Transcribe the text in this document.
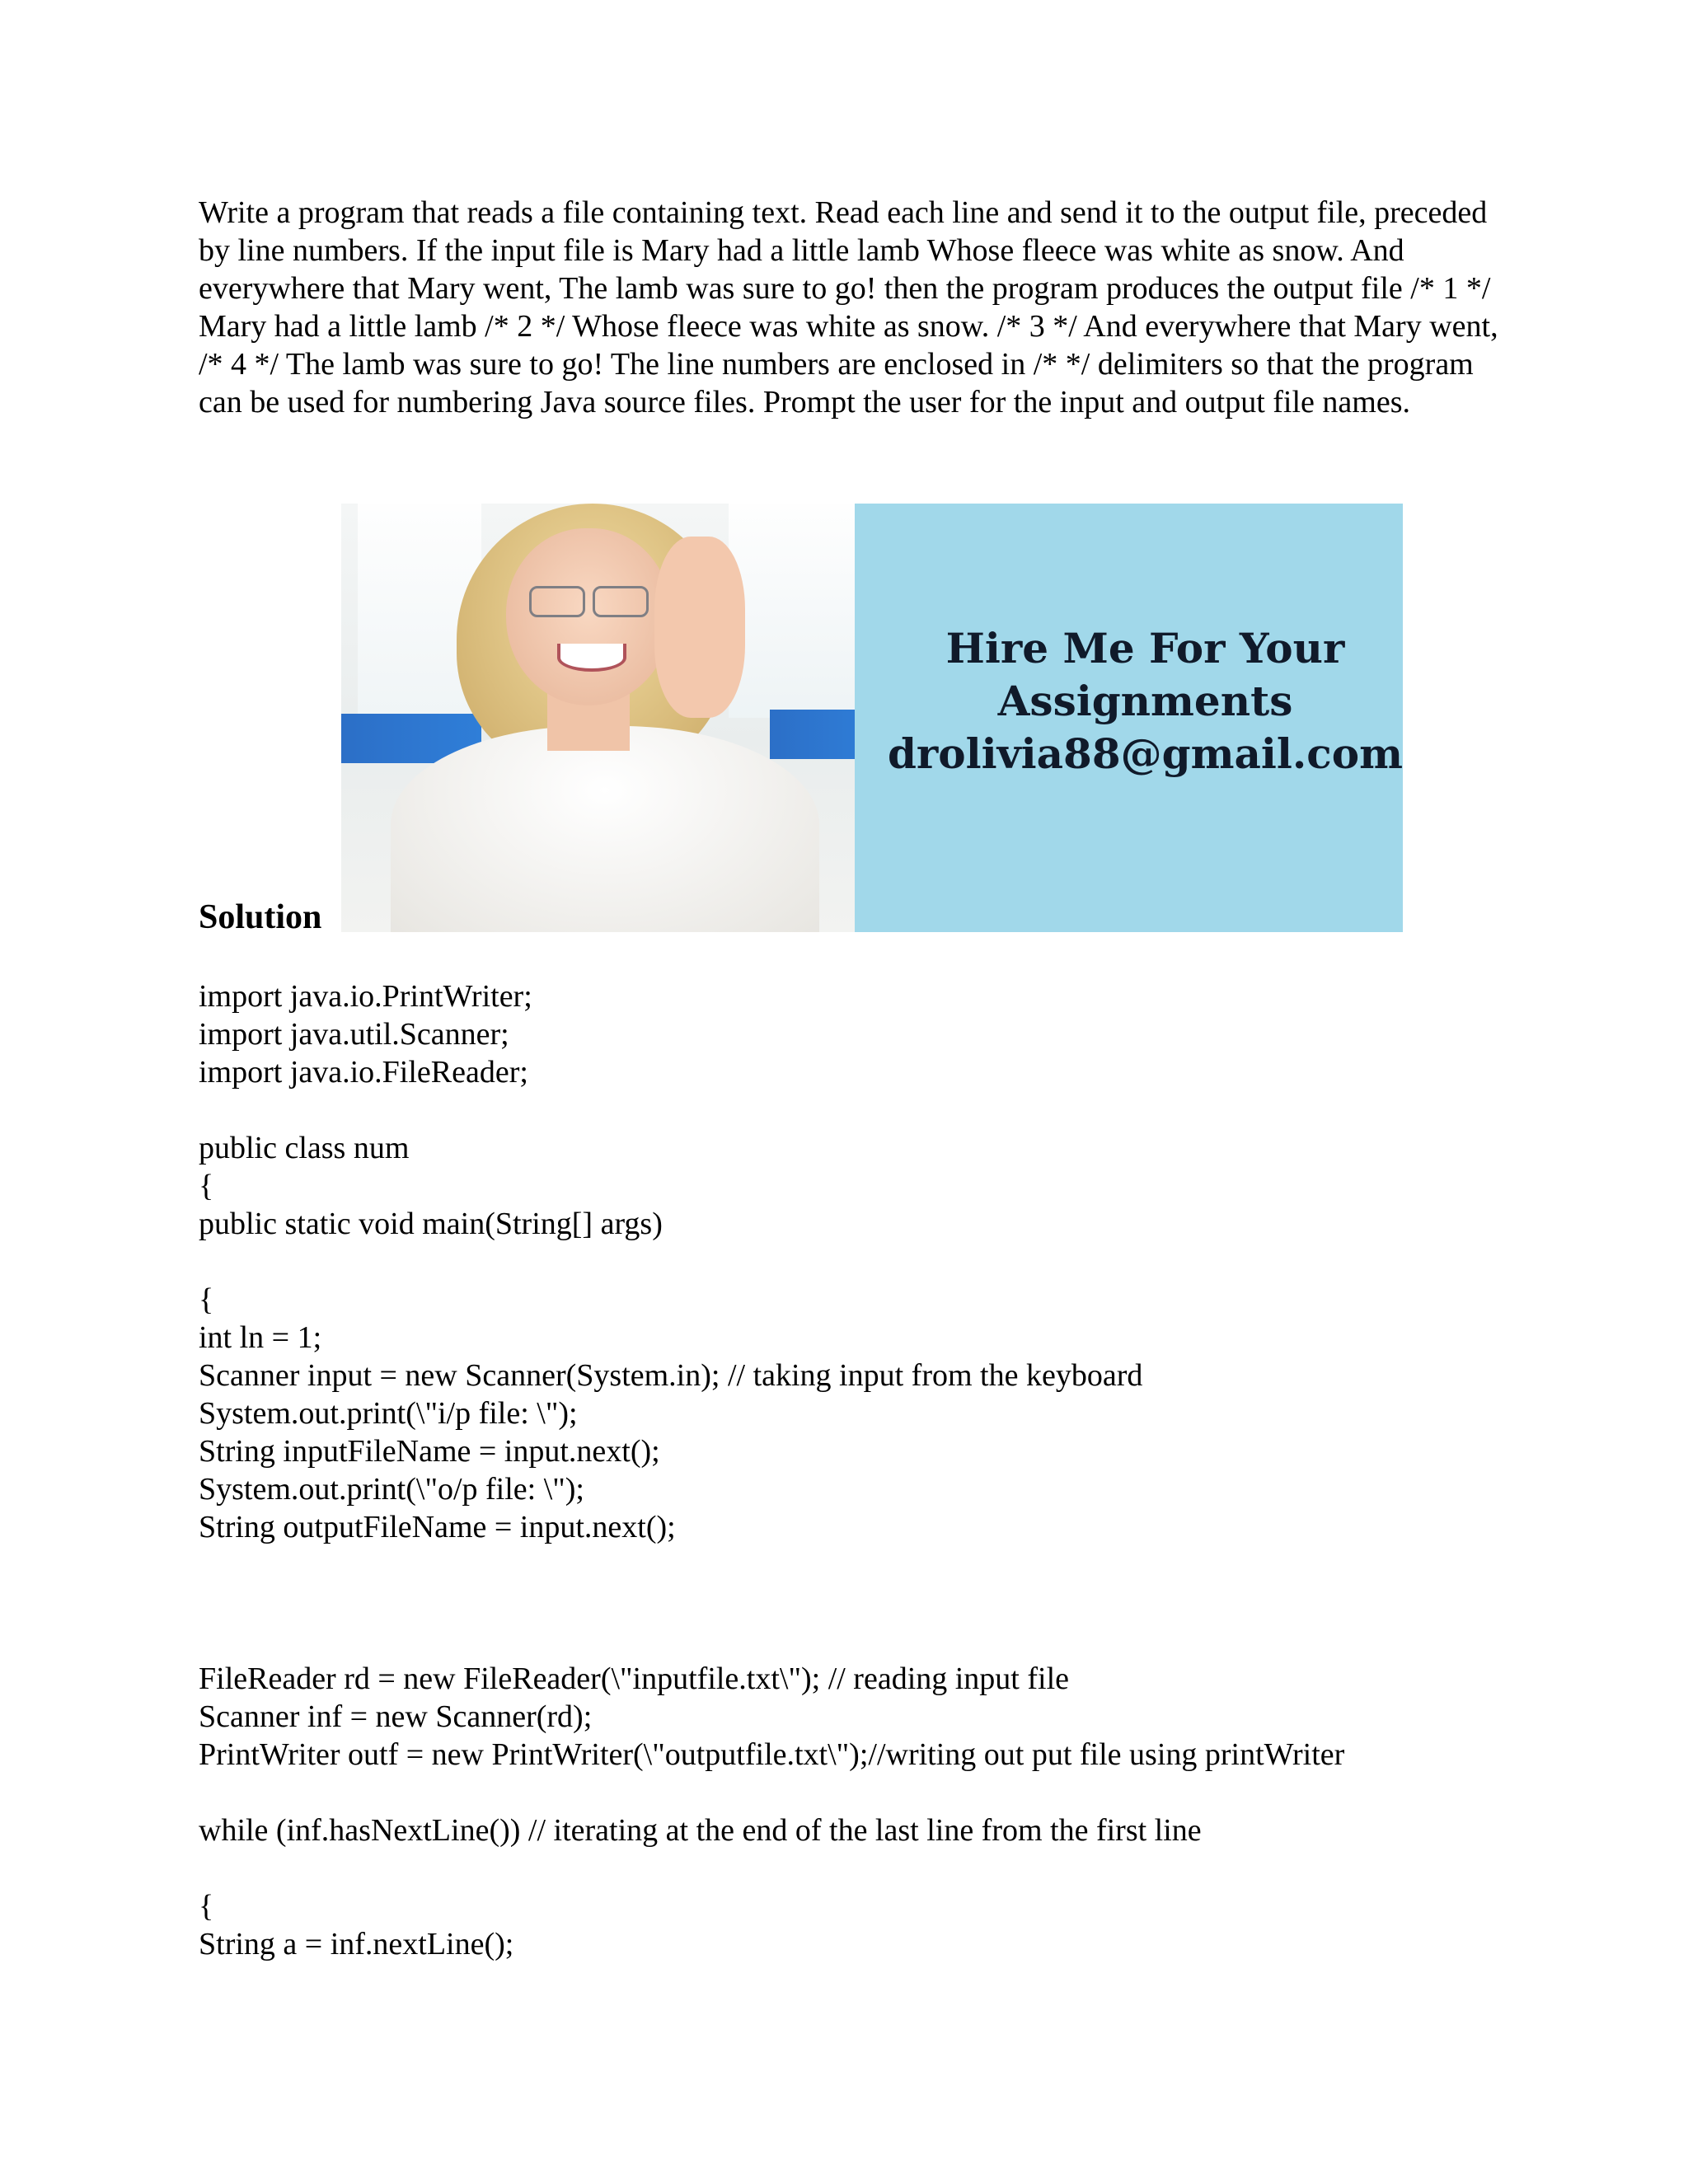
Write a program that reads a file containing text. Read each line and send it to the output file, preceded by line numbers. If the input file is Mary had a little lamb Whose fleece was white as snow. And everywhere that Mary went, The lamb was sure to go! then the program produces the output file /* 1 */ Mary had a little lamb /* 2 */ Whose fleece was white as snow. /* 3 */ And everywhere that Mary went, /* 4 */ The lamb was sure to go! The line numbers are enclosed in /* */ delimiters so that the program can be used for numbering Java source files. Prompt the user for the input and output file names.

Hire Me For Your
Assignments
drolivia88@gmail.com
Solution
import java.io.PrintWriter;
import java.util.Scanner;
import java.io.FileReader;
public class num
{
public static void main(String[] args)
{
int ln = 1;
Scanner input = new Scanner(System.in); // taking input from the keyboard
System.out.print(\"i/p file: \");
String inputFileName = input.next();
System.out.print(\"o/p file: \");
String outputFileName = input.next();
FileReader rd = new FileReader(\"inputfile.txt\"); // reading input file
Scanner inf = new Scanner(rd);
PrintWriter outf = new PrintWriter(\"outputfile.txt\");//writing out put file using printWriter
while (inf.hasNextLine()) // iterating at the end of the last line from the first line
{
String a = inf.nextLine();
